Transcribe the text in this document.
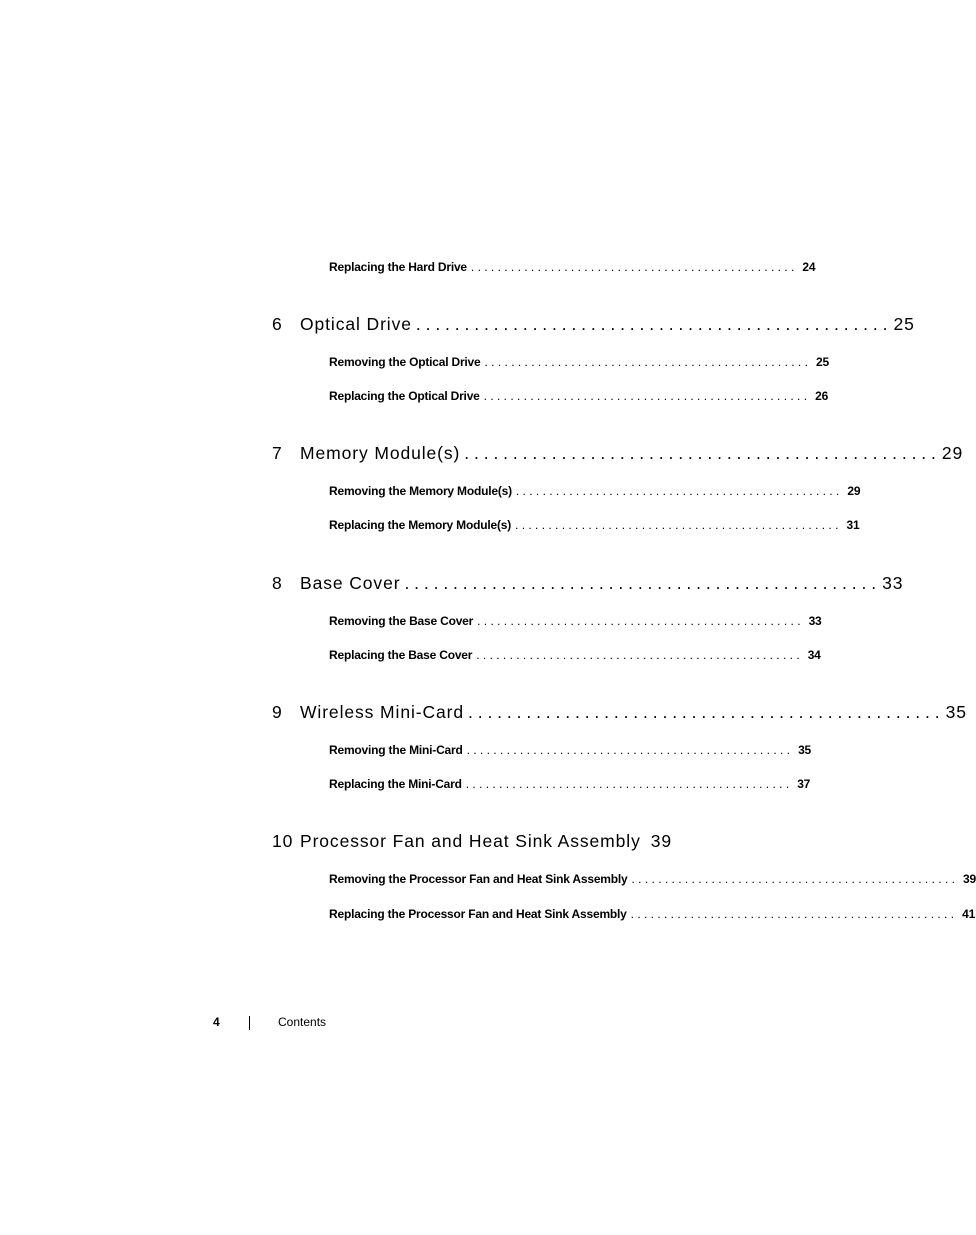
Replacing the Hard Drive . . .	24
6 Optical Drive . . .	25
Removing the Optical Drive . . .	25
Replacing the Optical Drive . . .	26
7 Memory Module(s) . . .	29
Removing the Memory Module(s) . . .	29
Replacing the Memory Module(s) . . .	31
8 Base Cover . . .	33
Removing the Base Cover . . .	33
Replacing the Base Cover . . .	34
9 Wireless Mini-Card . . .	35
Removing the Mini-Card . . .	35
Replacing the Mini-Card . . .	37
10 Processor Fan and Heat Sink Assembly 39
Removing the Processor Fan and Heat Sink Assembly . . .	39
Replacing the Processor Fan and Heat Sink Assembly . . .	41
4	Contents
